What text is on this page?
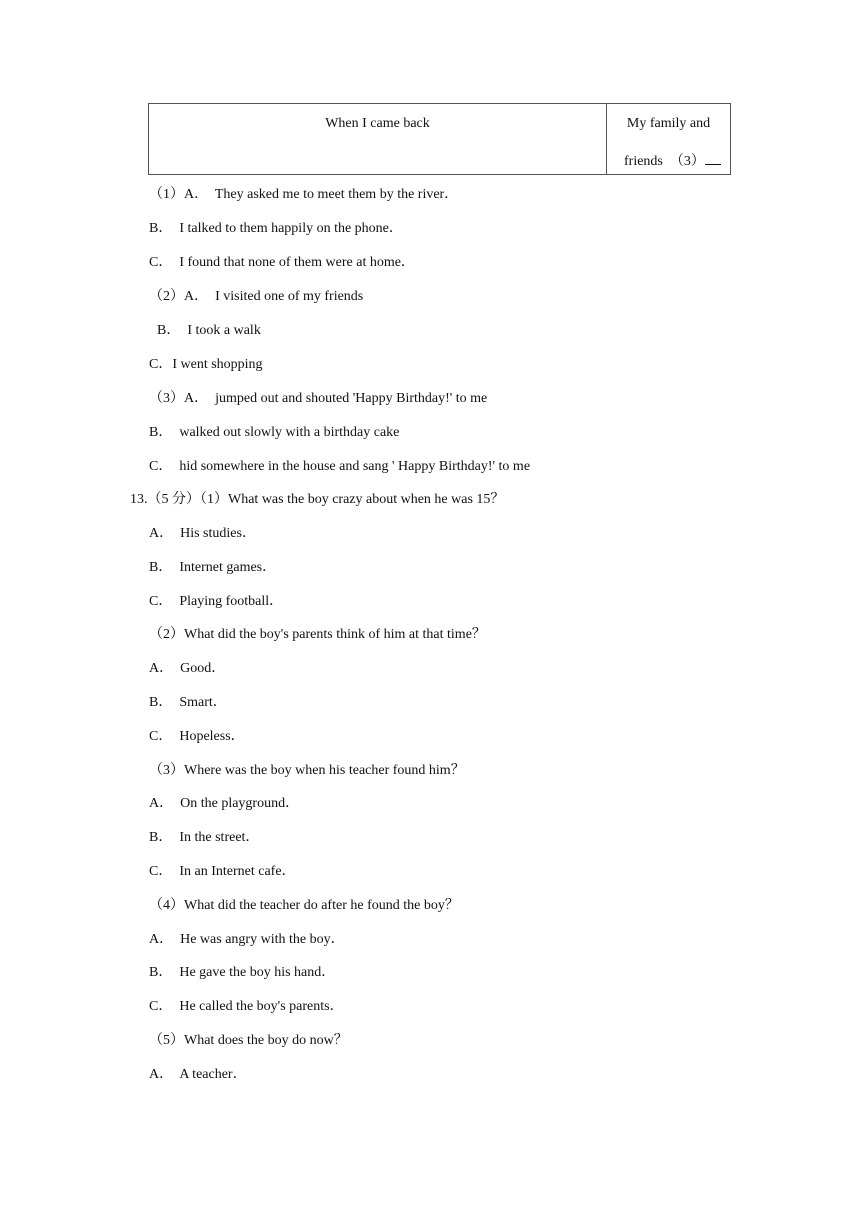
When I came back	My family and
friends  （3）
（1）A．  They asked me to meet them by the river．
B．  I talked to them happily on the phone．
C．  I found that none of them were at home．
（2）A．  I visited one of my friends
B．  I took a walk
C．I went shopping
（3）A．  jumped out and shouted 'Happy Birthday!' to me
B．  walked out slowly with a birthday cake
C．  hid somewhere in the house and sang ' Happy Birthday!' to me
13.（5 分）（1）What was the boy crazy about when he was 15？
A．  His studies．
B．  Internet games．
C．  Playing football．
（2）What did the boy's parents think of him at that time？
A．  Good．
B．  Smart．
C．  Hopeless．
（3）Where was the boy when his teacher found him？
A．  On the playground．
B．  In the street．
C．  In an Internet cafe．
（4）What did the teacher do after he found the boy？
A．  He was angry with the boy．
B．  He gave the boy his hand．
C．  He called the boy's parents．
（5）What does the boy do now？
A．  A teacher．
